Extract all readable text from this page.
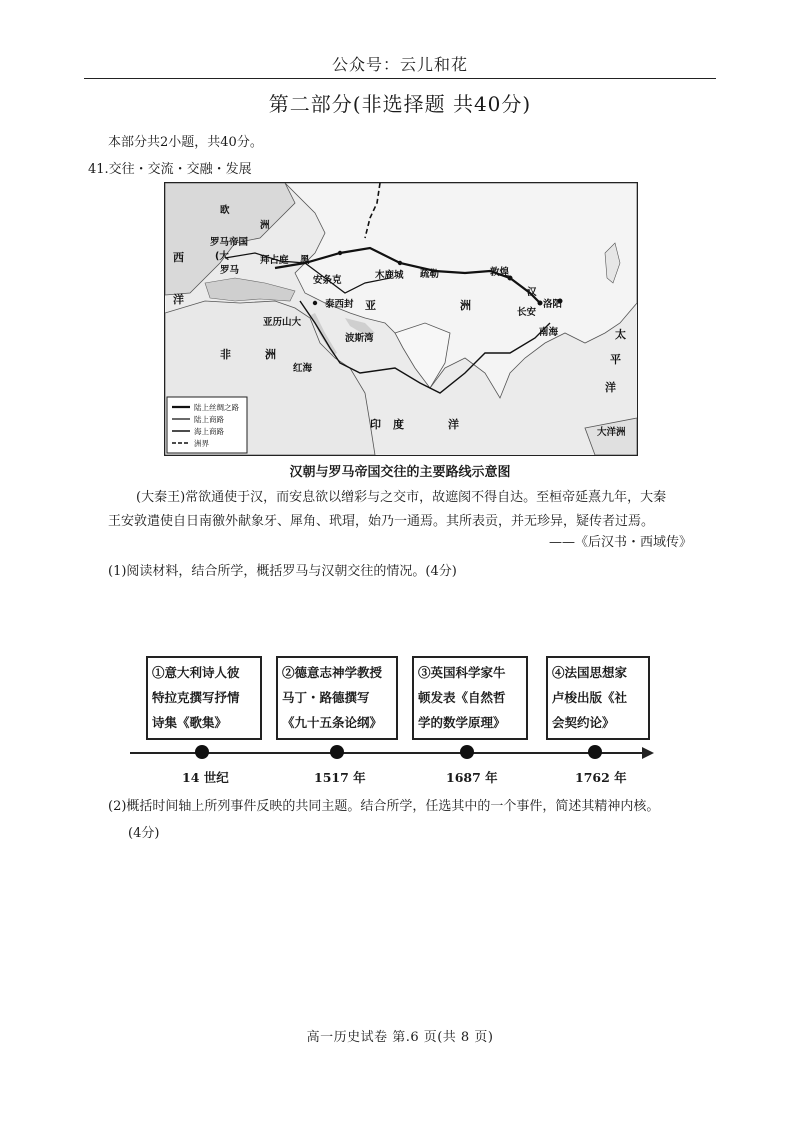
公众号：云儿和花
第二部分(非选择题 共40分)
本部分共2小题，共40分。
41.交往・交流・交融・发展
欧
洲
罗马帝国
(大
罗马
拜占庭 黑
安条克	木鹿城 疏勒	敦煌
汉
洛阳
长安
西
洋	亚	洲
泰西封
亚历山大
非	洲
红海
波斯湾
南海	太
平
洋
印 度	洋
大洋洲
陆上丝绸之路
陆上商路
海上商路
洲界
汉朝与罗马帝国交往的主要路线示意图
(大秦王)常欲通使于汉，而安息欲以缯彩与之交市，故遮阂不得自达。至桓帝延熹九年，大秦
王安敦遣使自日南徼外献象牙、犀角、玳瑁，始乃一通焉。其所表贡，并无珍异，疑传者过焉。
——《后汉书・西域传》
(1)阅读材料，结合所学，概括罗马与汉朝交往的情况。(4分)
①意大利诗人彼
特拉克撰写抒情
诗集《歌集》
②德意志神学教授
马丁・路德撰写
《九十五条论纲》
③英国科学家牛
顿发表《自然哲
学的数学原理》
④法国思想家
卢梭出版《社
会契约论》
14 世纪	1517 年	1687 年	1762 年
(2)概括时间轴上所列事件反映的共同主题。结合所学，任选其中的一个事件，简述其精神内核。
(4分)
高一历史试卷 第.6 页(共 8 页)
